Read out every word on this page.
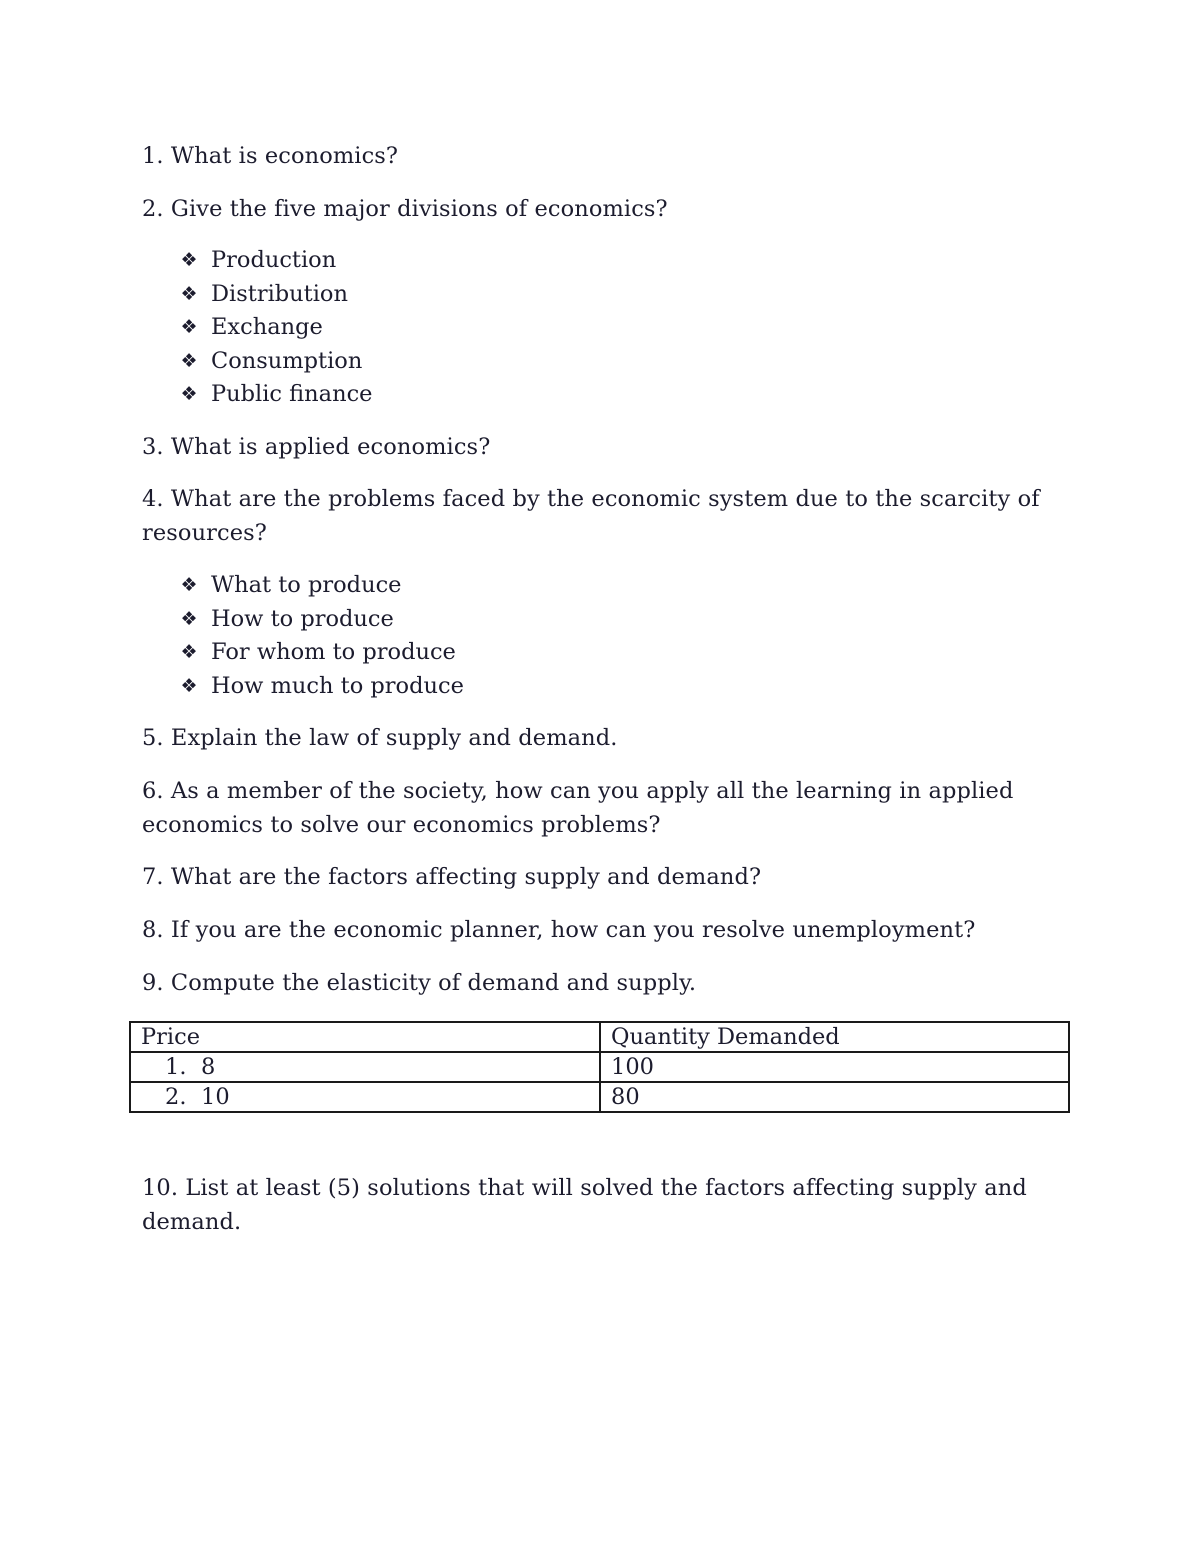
1. What is economics?

2. Give the five major divisions of economics?

❖ Production
❖ Distribution
❖ Exchange
❖ Consumption
❖ Public finance

3. What is applied economics?

4. What are the problems faced by the economic system due to the scarcity of resources?

❖ What to produce
❖ How to produce
❖ For whom to produce
❖ How much to produce

5. Explain the law of supply and demand.

6. As a member of the society, how can you apply all the learning in applied economics to solve our economics problems?

7. What are the factors affecting supply and demand?

8. If you are the economic planner, how can you resolve unemployment?

9. Compute the elasticity of demand and supply.

Price	Quantity Demanded
1. 8	100
2. 10	80

10. List at least (5) solutions that will solved the factors affecting supply and demand.
